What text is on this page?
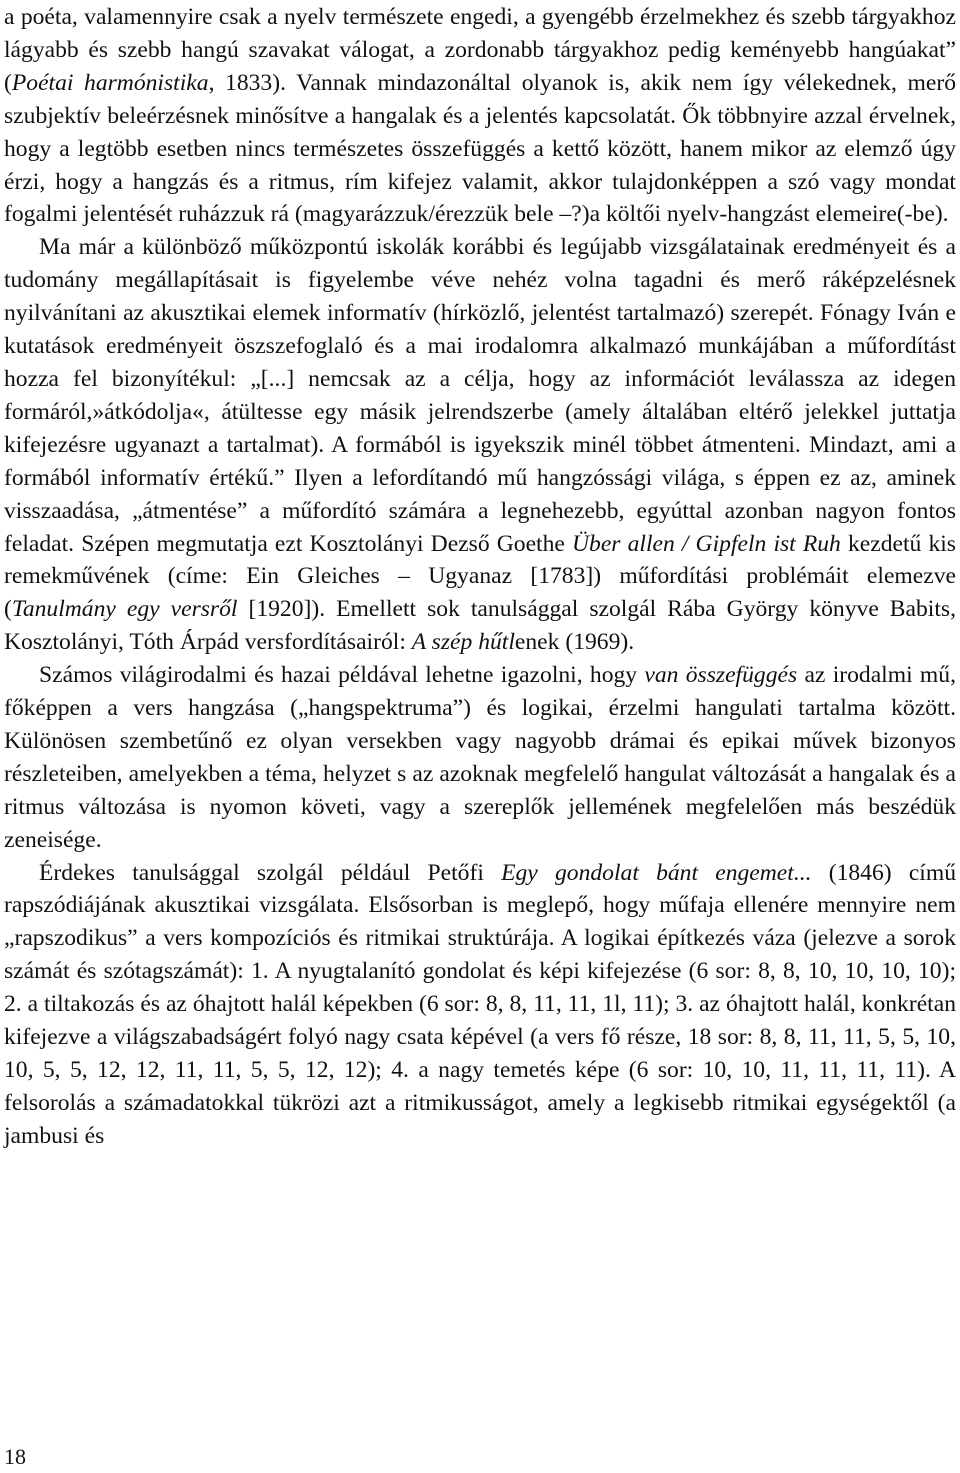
a poéta, valamennyire csak a nyelv természete engedi, a gyengébb érzelmekhez és szebb tárgyakhoz lágyabb és szebb hangú szavakat válogat, a zordonabb tárgyakhoz pedig keményebb hangúakat” (Poétai harmónistika, 1833). Vannak mindazonáltal olyanok is, akik nem így vélekednek, merő szubjektív beleérzésnek minősítve a hangalak és a jelentés kapcsolatát. Ők többnyire azzal érvelnek, hogy a legtöbb esetben nincs természetes összefüggés a kettő között, hanem mikor az elemző úgy érzi, hogy a hangzás és a ritmus, rím kifejez valamit, akkor tulajdonképpen a szó vagy mondat fogalmi jelentését ruházzuk rá (magyarázzuk/érezzük bele –?)a költői nyelv-hangzást elemeire(-be).

Ma már a különböző műközpontú iskolák korábbi és legújabb vizsgálatainak eredményeit és a tudomány megállapításait is figyelembe véve nehéz volna tagadni és merő ráképzelésnek nyilvánítani az akusztikai elemek informatív (hírközlő, jelentést tartalmazó) szerepét. Fónagy Iván e kutatások eredményeit öszszefoglaló és a mai irodalomra alkalmazó munkájában a műfordítást hozza fel bizonyítékul: „[...] nemcsak az a célja, hogy az információt leválassza az idegen formáról,»átkódolja«, átültesse egy másik jelrendszerbe (amely általában eltérő jelekkel juttatja kifejezésre ugyanazt a tartalmat). A formából is igyekszik minél többet átmenteni. Mindazt, ami a formából informatív értékű.” Ilyen a lefordítandó mű hangzóssági világa, s éppen ez az, aminek visszaadása, „átmentése” a műfordító számára a legnehezebb, egyúttal azonban nagyon fontos feladat. Szépen megmutatja ezt Kosztolányi Dezső Goethe Über allen / Gipfeln ist Ruh kezdetű kis remekművének (címe: Ein Gleiches – Ugyanaz [1783]) műfordítási problémáit elemezve (Tanulmány egy versről [1920]). Emellett sok tanulsággal szolgál Rába György könyve Babits, Kosztolányi, Tóth Árpád versfordításairól: A szép hűtlenek (1969).

Számos világirodalmi és hazai példával lehetne igazolni, hogy van összefüggés az irodalmi mű, főképpen a vers hangzása („hangspektruma”) és logikai, érzelmi hangulati tartalma között. Különösen szembetűnő ez olyan versekben vagy nagyobb drámai és epikai művek bizonyos részleteiben, amelyekben a téma, helyzet s az azoknak megfelelő hangulat változását a hangalak és a ritmus változása is nyomon követi, vagy a szereplők jellemének megfelelően más beszédük zeneisége.

Érdekes tanulsággal szolgál például Petőfi Egy gondolat bánt engemet... (1846) című rapszódiájának akusztikai vizsgálata. Elsősorban is meglepő, hogy műfaja ellenére mennyire nem „rapszodikus” a vers kompozíciós és ritmikai struktúrája. A logikai építkezés váza (jelezve a sorok számát és szótagszámát): 1. A nyugtalanító gondolat és képi kifejezése (6 sor: 8, 8, 10, 10, 10, 10); 2. a tiltakozás és az óhajtott halál képekben (6 sor: 8, 8, 11, 11, 1l, 11); 3. az óhajtott halál, konkrétan kifejezve a világszabadságért folyó nagy csata képével (a vers fő része, 18 sor: 8, 8, 11, 11, 5, 5, 10, 10, 5, 5, 12, 12, 11, 11, 5, 5, 12, 12); 4. a nagy temetés képe (6 sor: 10, 10, 11, 11, 11, 11). A felsorolás a számadatokkal tükrözi azt a ritmikusságot, amely a legkisebb ritmikai egységektől (a jambusi és

18
